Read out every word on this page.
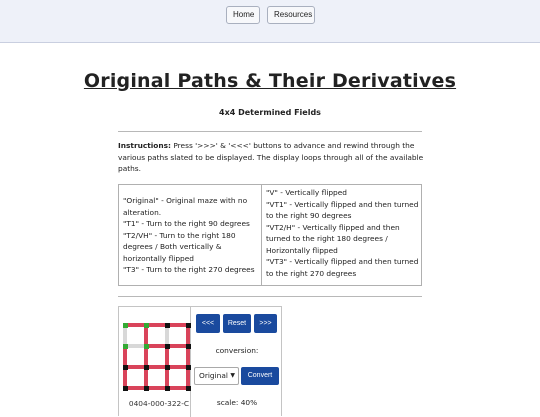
Home	Resources
Original Paths & Their Derivatives
4x4 Determined Fields
Instructions: Press '>>>' & '<<<' buttons to advance and rewind through the various paths slated to be displayed. The display loops through all of the available paths.
"Original" - Original maze with no alteration.
"T1" - Turn to the right 90 degrees
"T2/VH" - Turn to the right 180 degrees / Both vertically & horizontally flipped
"T3" - Turn to the right 270 degrees
"V" - Vertically flipped
"VT1" - Vertically flipped and then turned to the right 90 degrees
"VT2/H" - Vertically flipped and then turned to the right 180 degrees / Horizontally flipped
"VT3" - Vertically flipped and then turned to the right 270 degrees
0404-000-322-C
<<<	Reset	>>>
conversion:
Original ▼	Convert
scale: 40%
